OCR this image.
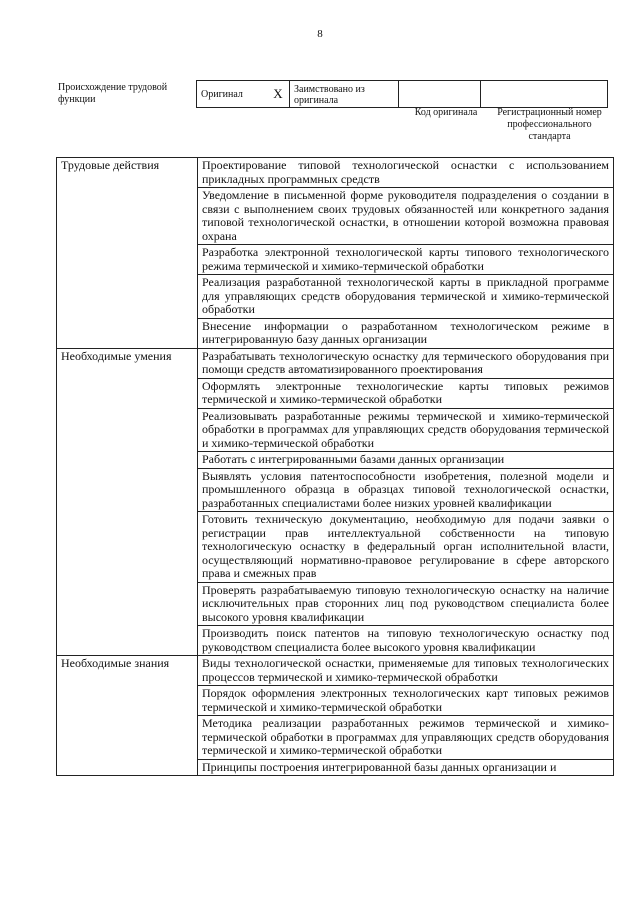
8
Происхождение трудовой функции	Оригинал	X	Заимствовано из оригинала		
Код оригинала	Регистрационный номер профессионального стандарта
Трудовые действия	Проектирование типовой технологической оснастки с использованием прикладных программных средств
	Уведомление в письменной форме руководителя подразделения о создании в связи с выполнением своих трудовых обязанностей или конкретного задания типовой технологической оснастки, в отношении которой возможна правовая охрана
	Разработка электронной технологической карты типового технологического режима термической и химико-термической обработки
	Реализация разработанной технологической карты в прикладной программе для управляющих средств оборудования термической и химико-термической обработки
	Внесение информации о разработанном технологическом режиме в интегрированную базу данных организации
Необходимые умения	Разрабатывать технологическую оснастку для термического оборудования при помощи средств автоматизированного проектирования
	Оформлять электронные технологические карты типовых режимов термической и химико-термической обработки
	Реализовывать разработанные режимы термической и химико-термической обработки в программах для управляющих средств оборудования термической и химико-термической обработки
	Работать с интегрированными базами данных организации
	Выявлять условия патентоспособности изобретения, полезной модели и промышленного образца в образцах типовой технологической оснастки, разработанных специалистами более низких уровней квалификации
	Готовить техническую документацию, необходимую для подачи заявки о регистрации прав интеллектуальной собственности на типовую технологическую оснастку в федеральный орган исполнительной власти, осуществляющий нормативно-правовое регулирование в сфере авторского права и смежных прав
	Проверять разрабатываемую типовую технологическую оснастку на наличие исключительных прав сторонних лиц под руководством специалиста более высокого уровня квалификации
	Производить поиск патентов на типовую технологическую оснастку под руководством специалиста более высокого уровня квалификации
Необходимые знания	Виды технологической оснастки, применяемые для типовых технологических процессов термической и химико-термической обработки
	Порядок оформления электронных технологических карт типовых режимов термической и химико-термической обработки
	Методика реализации разработанных режимов термической и химико-термической обработки в программах для управляющих средств оборудования термической и химико-термической обработки
	Принципы построения интегрированной базы данных организации и
